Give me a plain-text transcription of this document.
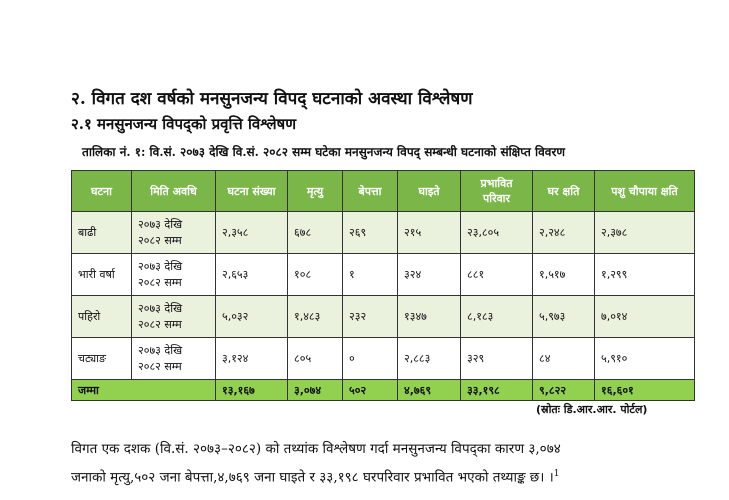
२. विगत दश वर्षको मनसुनजन्य विपद् घटनाको अवस्था विश्लेषण
२.१ मनसुनजन्य विपद्को प्रवृत्ति विश्लेषण
तालिका नं. १: वि.सं. २०७३ देखि वि.सं. २०८२ सम्म घटेका मनसुनजन्य विपद् सम्बन्धी घटनाको संक्षिप्त विवरण
घटना	मिति अवधि	घटना संख्या	मृत्यु	बेपत्ता	घाइते	प्रभावित परिवार	घर क्षति	पशु चौपाया क्षति
बाढी	२०७३ देखि
२०८२ सम्म	२,३५८	६७८	२६९	२१५	२३,८०५	२,२४८	२,३७८
भारी वर्षा	२०७३ देखि
२०८२ सम्म	२,६५३	१०८	१	३२४	८८१	१,५१७	१,२९९
पहिरो	२०७३ देखि
२०८२ सम्म	५,०३२	१,४८३	२३२	१३४७	८,१८३	५,९७३	७,०१४
चट्याङ	२०७३ देखि
२०८२ सम्म	३,१२४	८०५	०	२,८८३	३२९	८४	५,९१०
जम्मा		१३,१६७	३,०७४	५०२	४,७६९	३३,१९८	९,८२२	१६,६०१
(स्रोतः डि.आर.आर. पोर्टल)
विगत एक दशक (वि.सं. २०७३–२०८२) को तथ्यांक विश्लेषण गर्दा मनसुनजन्य विपद्का कारण ३,०७४
जनाको मृत्यु,५०२ जना बेपत्ता,४,७६९ जना घाइते र ३३,१९८ घरपरिवार प्रभावित भएको तथ्याङ्क छ। ।$^1$
